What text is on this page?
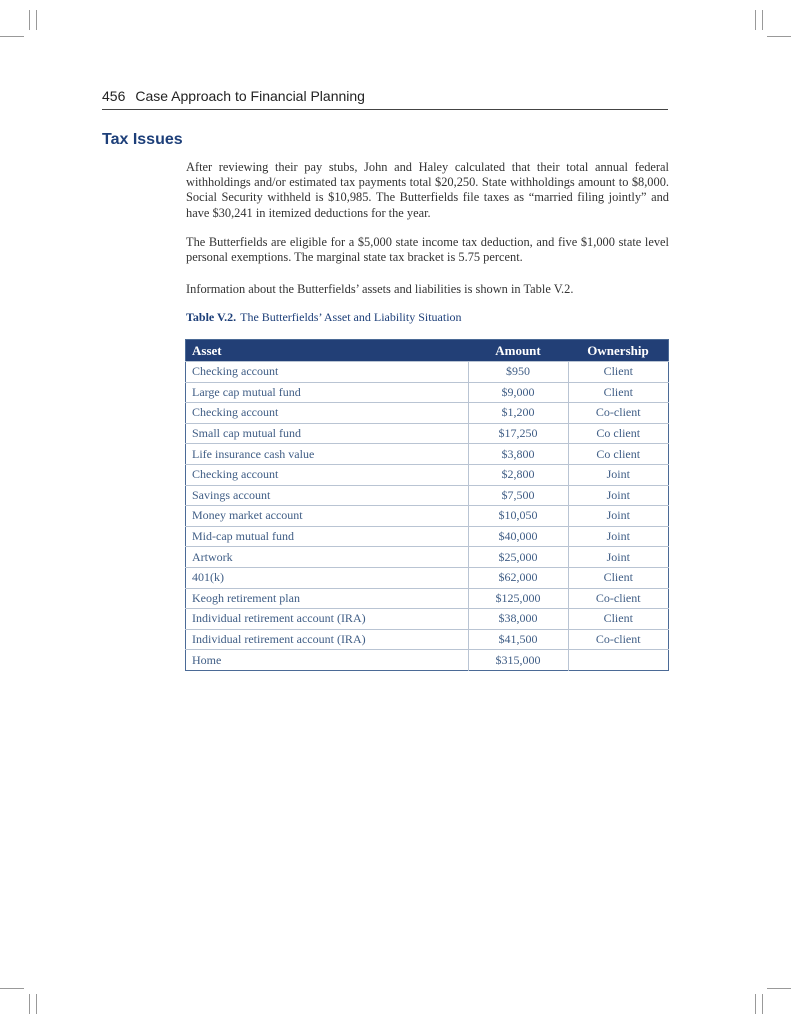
456 Case Approach to Financial Planning
Tax Issues

After reviewing their pay stubs, John and Haley calculated that their total annual federal withholdings and/or estimated tax payments total $20,250. State withholdings amount to $8,000. Social Security withheld is $10,985. The Butterfields file taxes as “married filing jointly” and have $30,241 in itemized deductions for the year.

The Butterfields are eligible for a $5,000 state income tax deduction, and five $1,000 state level personal exemptions. The marginal state tax bracket is 5.75 percent.

Information about the Butterfields’ assets and liabilities is shown in Table V.2.

Table V.2. The Butterfields’ Asset and Liability Situation
Asset	Amount	Ownership
Checking account	$950	Client
Large cap mutual fund	$9,000	Client
Checking account	$1,200	Co-client
Small cap mutual fund	$17,250	Co client
Life insurance cash value	$3,800	Co client
Checking account	$2,800	Joint
Savings account	$7,500	Joint
Money market account	$10,050	Joint
Mid-cap mutual fund	$40,000	Joint
Artwork	$25,000	Joint
401(k)	$62,000	Client
Keogh retirement plan	$125,000	Co-client
Individual retirement account (IRA)	$38,000	Client
Individual retirement account (IRA)	$41,500	Co-client
Home	$315,000	
